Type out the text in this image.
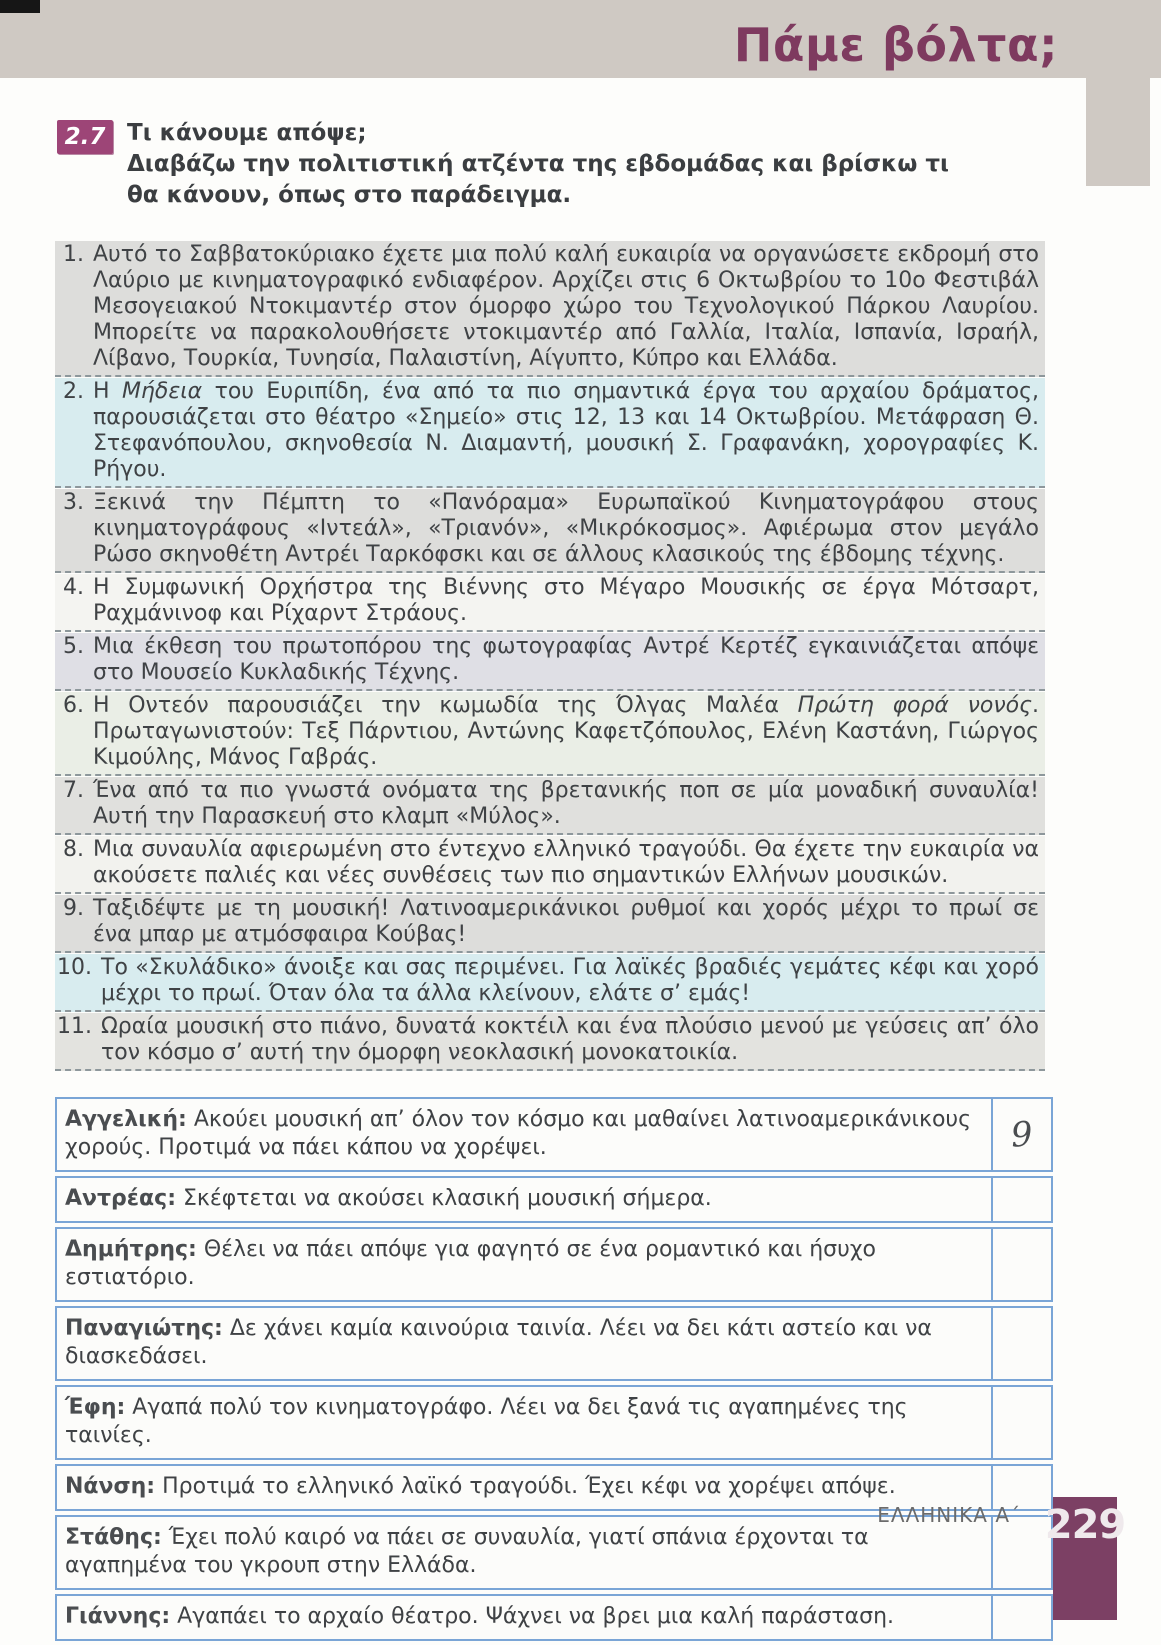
Πάμε βόλτα;
2.7 Τι κάνουμε απόψε;
Διαβάζω την πολιτιστική ατζέντα της εβδομάδας και βρίσκω τι θα κάνουν, όπως στο παράδειγμα.
1. Αυτό το Σαββατοκύριακο έχετε μια πολύ καλή ευκαιρία να οργανώσετε εκδρομή στο Λαύριο με κινηματογραφικό ενδιαφέρον. Αρχίζει στις 6 Οκτωβρίου το 10ο Φεστιβάλ Μεσογειακού Ντοκιμαντέρ στον όμορφο χώρο του Τεχνολογικού Πάρκου Λαυρίου. Μπορείτε να παρακολουθήσετε ντοκιμαντέρ από Γαλλία, Ιταλία, Ισπανία, Ισραήλ, Λίβανο, Τουρκία, Τυνησία, Παλαιστίνη, Αίγυπτο, Κύπρο και Ελλάδα.
2. Η Μήδεια του Ευριπίδη, ένα από τα πιο σημαντικά έργα του αρχαίου δράματος, παρουσιάζεται στο θέατρο «Σημείο» στις 12, 13 και 14 Οκτωβρίου. Μετάφραση Θ. Στεφανόπουλου, σκηνοθεσία Ν. Διαμαντή, μουσική Σ. Γραφανάκη, χορογραφίες Κ. Ρήγου.
3. Ξεκινά την Πέμπτη το «Πανόραμα» Ευρωπαϊκού Κινηματογράφου στους κινηματογράφους «Ιντεάλ», «Τριανόν», «Μικρόκοσμος». Αφιέρωμα στον μεγάλο Ρώσο σκηνοθέτη Αντρέι Ταρκόφσκι και σε άλλους κλασικούς της έβδομης τέχνης.
4. Η Συμφωνική Ορχήστρα της Βιέννης στο Μέγαρο Μουσικής σε έργα Μότσαρτ, Ραχμάνινοφ και Ρίχαρντ Στράους.
5. Μια έκθεση του πρωτοπόρου της φωτογραφίας Αντρέ Κερτέζ εγκαινιάζεται απόψε στο Μουσείο Κυκλαδικής Τέχνης.
6. Η Οντεόν παρουσιάζει την κωμωδία της Όλγας Μαλέα Πρώτη φορά νονός. Πρωταγωνιστούν: Τεξ Πάρντιου, Αντώνης Καφετζόπουλος, Ελένη Καστάνη, Γιώργος Κιμούλης, Μάνος Γαβράς.
7. Ένα από τα πιο γνωστά ονόματα της βρετανικής ποπ σε μία μοναδική συναυλία! Αυτή την Παρασκευή στο κλαμπ «Μύλος».
8. Μια συναυλία αφιερωμένη στο έντεχνο ελληνικό τραγούδι. Θα έχετε την ευκαιρία να ακούσετε παλιές και νέες συνθέσεις των πιο σημαντικών Ελλήνων μουσικών.
9. Ταξιδέψτε με τη μουσική! Λατινοαμερικάνικοι ρυθμοί και χορός μέχρι το πρωί σε ένα μπαρ με ατμόσφαιρα Κούβας!
10. Το «Σκυλάδικο» άνοιξε και σας περιμένει. Για λαϊκές βραδιές γεμάτες κέφι και χορό μέχρι το πρωί. Όταν όλα τα άλλα κλείνουν, ελάτε σ’ εμάς!
11. Ωραία μουσική στο πιάνο, δυνατά κοκτέιλ και ένα πλούσιο μενού με γεύσεις απ’ όλο τον κόσμο σ’ αυτή την όμορφη νεοκλασική μονοκατοικία.
Αγγελική: Ακούει μουσική απ’ όλον τον κόσμο και μαθαίνει λατινοαμερικάνικους χορούς. Προτιμά να πάει κάπου να χορέψει.	9
Αντρέας: Σκέφτεται να ακούσει κλασική μουσική σήμερα.
Δημήτρης: Θέλει να πάει απόψε για φαγητό σε ένα ρομαντικό και ήσυχο εστιατόριο.
Παναγιώτης: Δε χάνει καμία καινούρια ταινία. Λέει να δει κάτι αστείο και να διασκεδάσει.
Έφη: Αγαπά πολύ τον κινηματογράφο. Λέει να δει ξανά τις αγαπημένες της ταινίες.
Νάνση: Προτιμά το ελληνικό λαϊκό τραγούδι. Έχει κέφι να χορέψει απόψε.
Στάθης: Έχει πολύ καιρό να πάει σε συναυλία, γιατί σπάνια έρχονται τα αγαπημένα του γκρουπ στην Ελλάδα.
Γιάννης: Αγαπάει το αρχαίο θέατρο. Ψάχνει να βρει μια καλή παράσταση.
ΕΛΛΗΝΙΚΑ Α΄ 229
